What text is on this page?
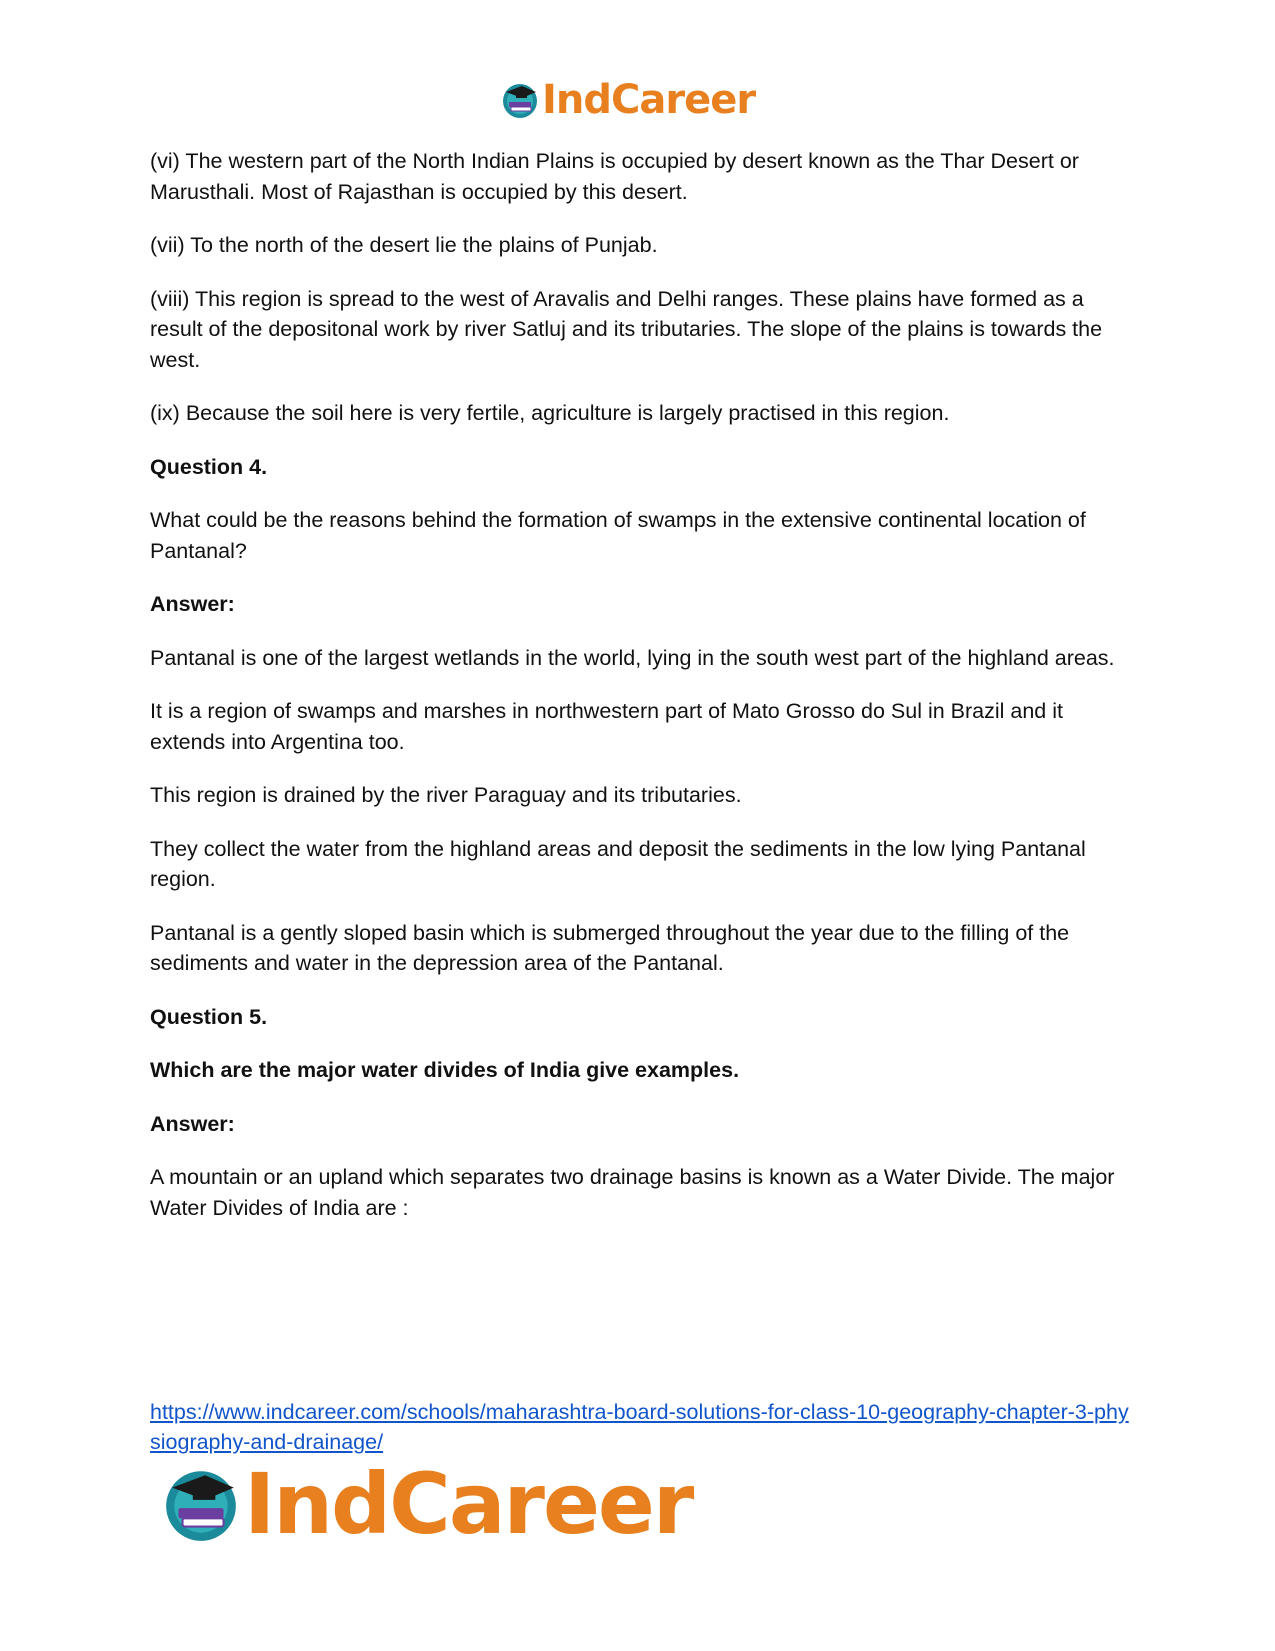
IndCareer

(vi) The western part of the North Indian Plains is occupied by desert known as the Thar Desert or Marusthali. Most of Rajasthan is occupied by this desert.

(vii) To the north of the desert lie the plains of Punjab.

(viii) This region is spread to the west of Aravalis and Delhi ranges. These plains have formed as a result of the depositonal work by river Satluj and its tributaries. The slope of the plains is towards the west.

(ix) Because the soil here is very fertile, agriculture is largely practised in this region.

Question 4.

What could be the reasons behind the formation of swamps in the extensive continental location of Pantanal?

Answer:

Pantanal is one of the largest wetlands in the world, lying in the south west part of the highland areas.

It is a region of swamps and marshes in northwestern part of Mato Grosso do Sul in Brazil and it extends into Argentina too.

This region is drained by the river Paraguay and its tributaries.

They collect the water from the highland areas and deposit the sediments in the low lying Pantanal region.

Pantanal is a gently sloped basin which is submerged throughout the year due to the filling of the sediments and water in the depression area of the Pantanal.

Question 5.

Which are the major water divides of India give examples.

Answer:

A mountain or an upland which separates two drainage basins is known as a Water Divide. The major Water Divides of India are :

https://www.indcareer.com/schools/maharashtra-board-solutions-for-class-10-geography-chapter-3-physiography-and-drainage/
IndCareer
